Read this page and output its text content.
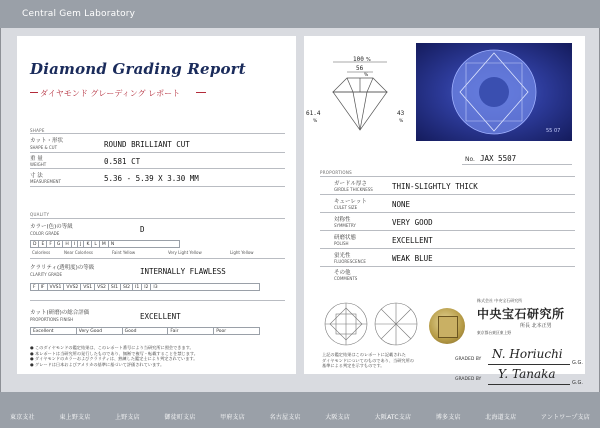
Central Gem Laboratory
Diamond Grading Report
ダイヤモンド グレーディング レポート
SHAPE
カット・形状
SHAPE & CUT	ROUND BRILLIANT CUT
重 量
WEIGHT	0.581 CT
寸 法
MEASUREMENT	5.36 - 5.39 X 3.30 MM
QUALITY
カラー(色)の等級
COLOR GRADE	D
D	E	F	G	H	I	J	K	L	M	N
Colorless	Near Colorless	Faint Yellow	Very Light Yellow	Light Yellow
クラリティ(透明度)の等級
CLARITY GRADE	INTERNALLY FLAWLESS
F	IF	VVS1	VVS2	VS1	VS2	SI1	SI2	I1	I2	I3
カット(研磨)の総合評価
PROPORTIONS FINISH	EXCELLENT
Excellent	Very Good	Good	Fair	Poor
● このダイヤモンドの鑑定結果は、このレポート番号により当研究所に照会できます。
● 本レポートは当研究所の発行したものであり、無断で複写・転載することを禁じます。
● ダイヤモンドのカラーおよびクラリティは、熟練した鑑定士により判定されています。
● グレードは日本およびアメリカの基準に基づいて評価されています。
100 %
56
%
61.4
%
43
%
55 07
No. JAX 5507
PROPORTIONS
ガードル厚さ
GIRDLE THICKNESS	THIN-SLIGHTLY THICK
キューレット
CULET SIZE	NONE
対称性
SYMMETRY	VERY GOOD
研磨状態
POLISH	EXCELLENT
蛍光性
FLUORESCENCE	WEAK BLUE
その他
COMMENTS
株式会社 中央宝石研究所
中央宝石研究所
所長 北本正男
東京都台東区東上野
上記の鑑定結果はこのレポートに記載された
ダイヤモンドについてのものであり、当研究所の
基準による判定を示すものです。
GRADED BY N. Horiuchi
G.G.
GRADED BY Y. Tanaka
G.G.
東京支社	東上野支店	上野支店	御徒町支店	甲府支店	名古屋支店	大阪支店	大阪ATC支店	博多支店	北海道支店	アントワープ支店
